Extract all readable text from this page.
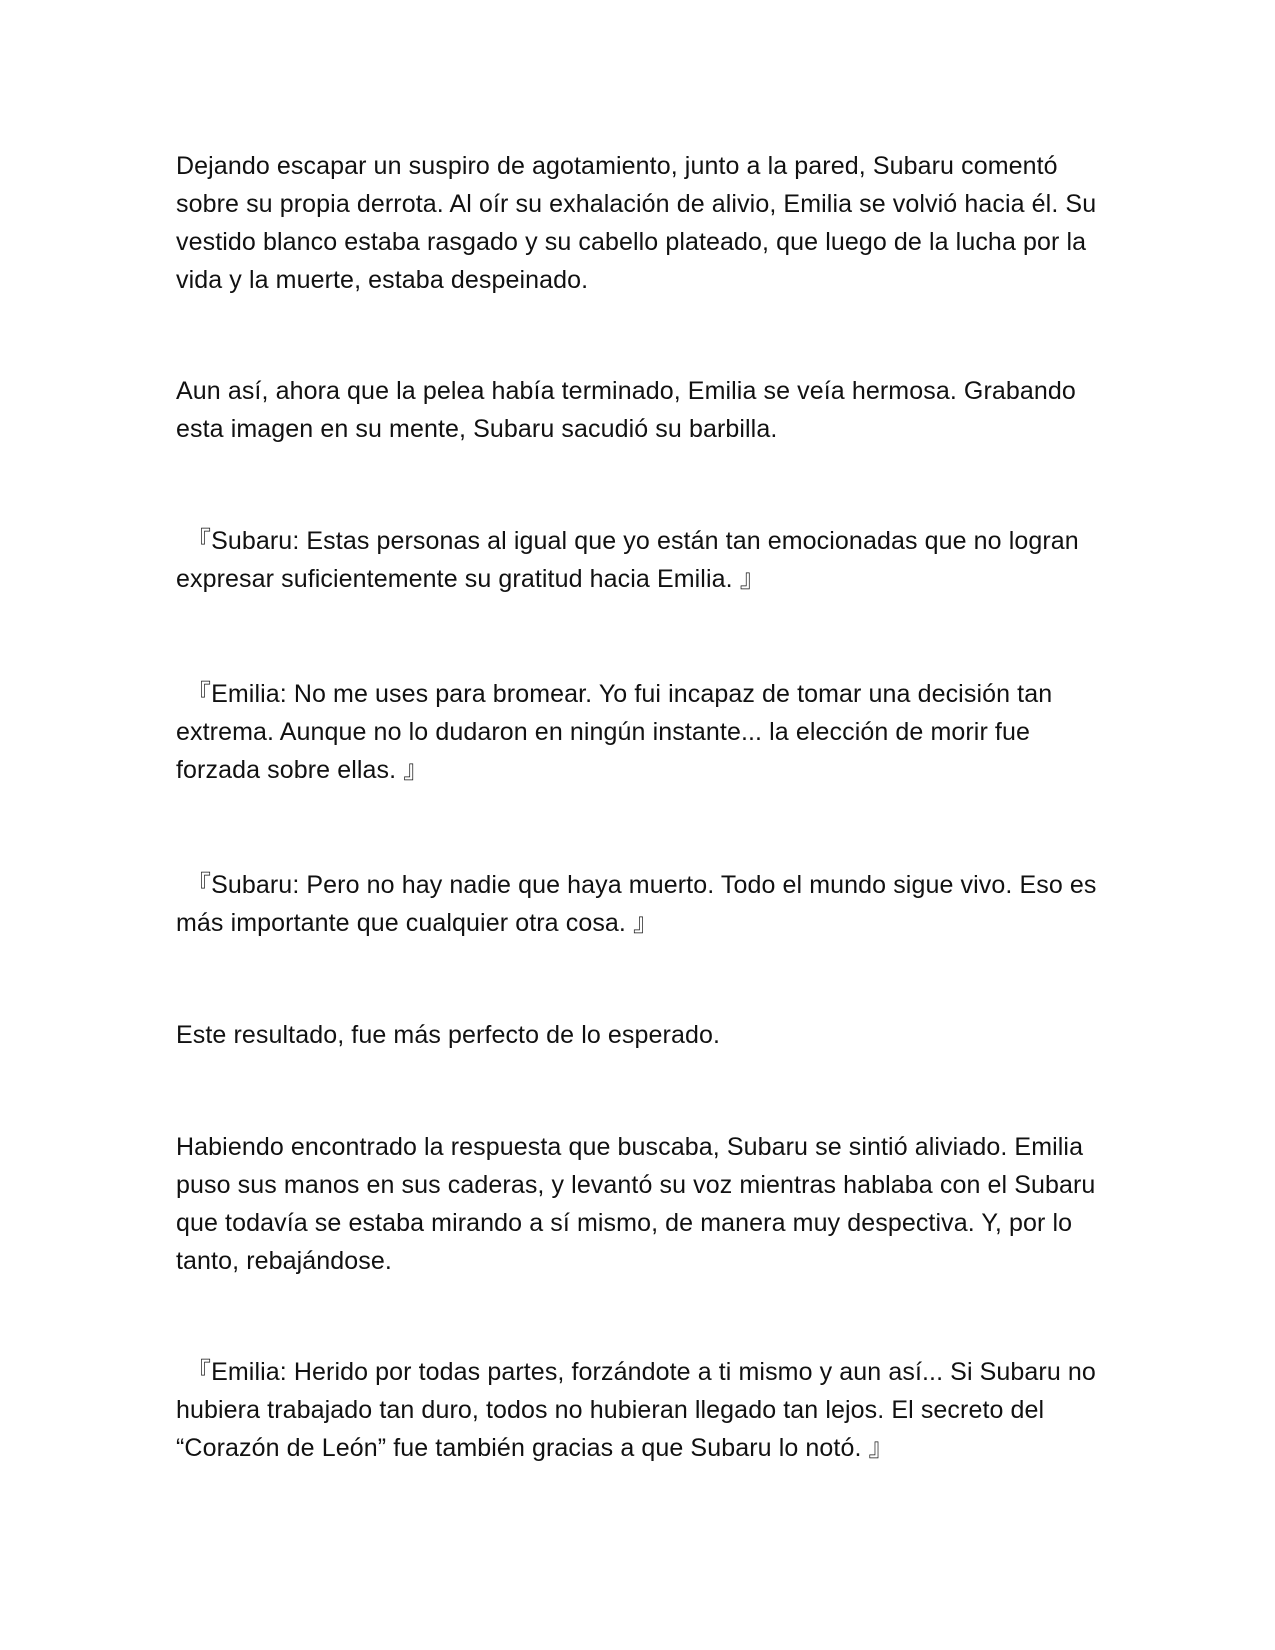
Dejando escapar un suspiro de agotamiento, junto a la pared, Subaru comentó sobre su propia derrota. Al oír su exhalación de alivio, Emilia se volvió hacia él. Su vestido blanco estaba rasgado y su cabello plateado, que luego de la lucha por la vida y la muerte, estaba despeinado.

Aun así, ahora que la pelea había terminado, Emilia se veía hermosa. Grabando esta imagen en su mente, Subaru sacudió su barbilla.

『Subaru: Estas personas al igual que yo están tan emocionadas que no logran expresar suficientemente su gratitud hacia Emilia. 』

『Emilia: No me uses para bromear. Yo fui incapaz de tomar una decisión tan extrema. Aunque no lo dudaron en ningún instante... la elección de morir fue forzada sobre ellas. 』

『Subaru: Pero no hay nadie que haya muerto. Todo el mundo sigue vivo. Eso es más importante que cualquier otra cosa. 』

Este resultado, fue más perfecto de lo esperado.

Habiendo encontrado la respuesta que buscaba, Subaru se sintió aliviado. Emilia puso sus manos en sus caderas, y levantó su voz mientras hablaba con el Subaru que todavía se estaba mirando a sí mismo, de manera muy despectiva. Y, por lo tanto, rebajándose.

『Emilia: Herido por todas partes, forzándote a ti mismo y aun así... Si Subaru no hubiera trabajado tan duro, todos no hubieran llegado tan lejos. El secreto del “Corazón de León” fue también gracias a que Subaru lo notó. 』
